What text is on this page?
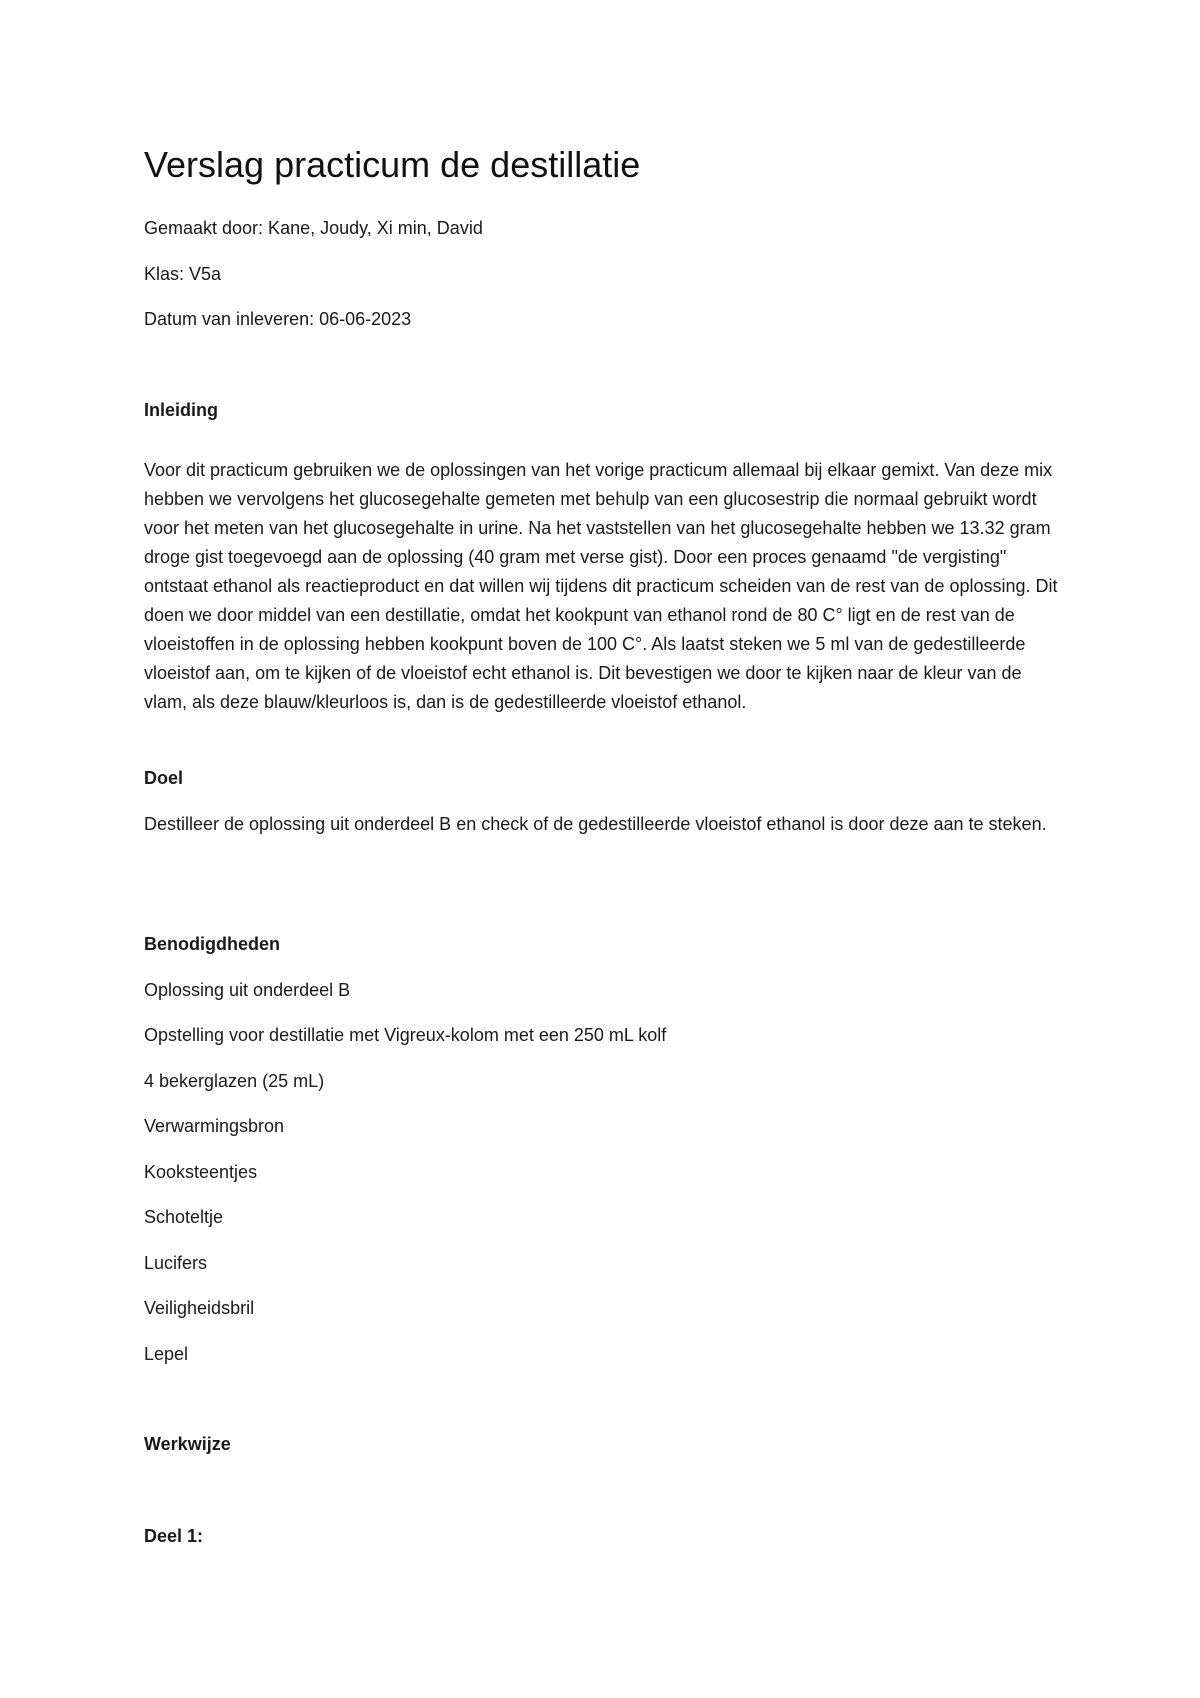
Verslag practicum de destillatie

Gemaakt door: Kane, Joudy, Xi min, David

Klas: V5a

Datum van inleveren: 06-06-2023

Inleiding

Voor dit practicum gebruiken we de oplossingen van het vorige practicum allemaal bij elkaar gemixt. Van deze mix hebben we vervolgens het glucosegehalte gemeten met behulp van een glucosestrip die normaal gebruikt wordt voor het meten van het glucosegehalte in urine. Na het vaststellen van het glucosegehalte hebben we 13.32 gram droge gist toegevoegd aan de oplossing (40 gram met verse gist). Door een proces genaamd "de vergisting" ontstaat ethanol als reactieproduct en dat willen wij tijdens dit practicum scheiden van de rest van de oplossing. Dit doen we door middel van een destillatie, omdat het kookpunt van ethanol rond de 80 C° ligt en de rest van de vloeistoffen in de oplossing hebben kookpunt boven de 100 C°. Als laatst steken we 5 ml van de gedestilleerde vloeistof aan, om te kijken of de vloeistof echt ethanol is. Dit bevestigen we door te kijken naar de kleur van de vlam, als deze blauw/kleurloos is, dan is de gedestilleerde vloeistof ethanol.

Doel

Destilleer de oplossing uit onderdeel B en check of de gedestilleerde vloeistof ethanol is door deze aan te steken.

Benodigdheden

Oplossing uit onderdeel B

Opstelling voor destillatie met Vigreux-kolom met een 250 mL kolf

4 bekerglazen (25 mL)

Verwarmingsbron

Kooksteentjes

Schoteltje

Lucifers

Veiligheidsbril

Lepel

Werkwijze

Deel 1:
